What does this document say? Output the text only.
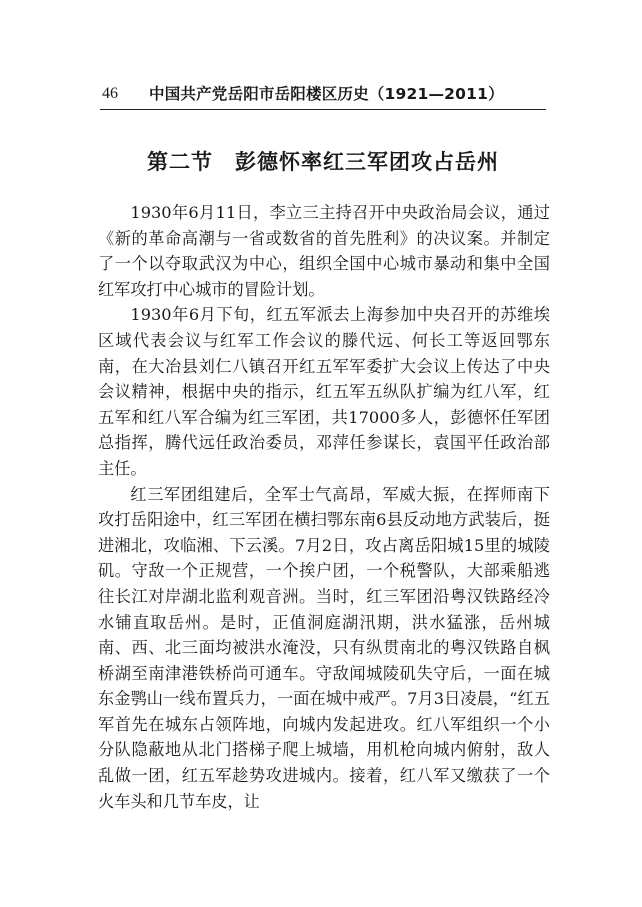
46 中国共产党岳阳市岳阳楼区历史（1921—2011）
第二节　彭德怀率红三军团攻占岳州

1930年6月11日，李立三主持召开中央政治局会议，通过《新的革命高潮与一省或数省的首先胜利》的决议案。并制定了一个以夺取武汉为中心，组织全国中心城市暴动和集中全国红军攻打中心城市的冒险计划。

1930年6月下旬，红五军派去上海参加中央召开的苏维埃区域代表会议与红军工作会议的滕代远、何长工等返回鄂东南，在大冶县刘仁八镇召开红五军军委扩大会议上传达了中央会议精神，根据中央的指示，红五军五纵队扩编为红八军，红五军和红八军合编为红三军团，共17000多人，彭德怀任军团总指挥，腾代远任政治委员，邓萍任参谋长，袁国平任政治部主任。

红三军团组建后，全军士气高昂，军威大振，在挥师南下攻打岳阳途中，红三军团在横扫鄂东南6县反动地方武装后，挺进湘北，攻临湘、下云溪。7月2日，攻占离岳阳城15里的城陵矶。守敌一个正规营，一个挨户团，一个税警队，大部乘船逃往长江对岸湖北监利观音洲。当时，红三军团沿粤汉铁路经冷水铺直取岳州。是时，正值洞庭湖汛期，洪水猛涨，岳州城南、西、北三面均被洪水淹没，只有纵贯南北的粤汉铁路自枫桥湖至南津港铁桥尚可通车。守敌闻城陵矶失守后，一面在城东金鹗山一线布置兵力，一面在城中戒严。7月3日凌晨，“红五军首先在城东占领阵地，向城内发起进攻。红八军组织一个小分队隐蔽地从北门搭梯子爬上城墙，用机枪向城内俯射，敌人乱做一团，红五军趁势攻进城内。接着，红八军又缴获了一个火车头和几节车皮，让
